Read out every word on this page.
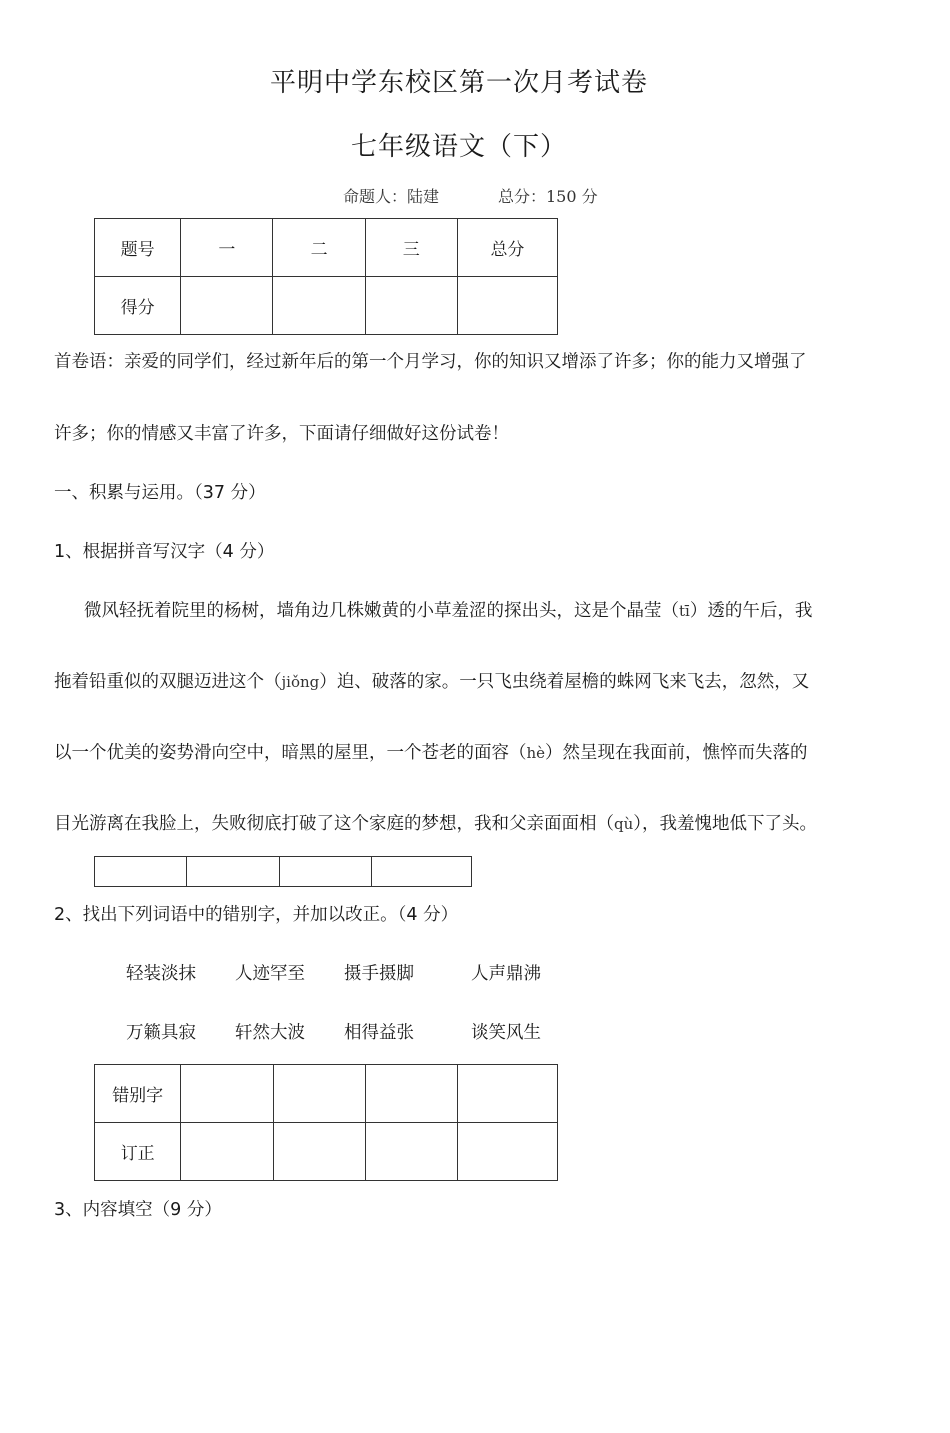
平明中学东校区第一次月考试卷
七年级语文（下）
命题人：陆建	总分：150 分
题号	一	二	三	总分
得分				
首卷语：亲爱的同学们，经过新年后的第一个月学习，你的知识又增添了许多；你的能力又增强了
许多；你的情感又丰富了许多，下面请仔细做好这份试卷！
一、积累与运用。（37 分）
1、根据拼音写汉字（4 分）
微风轻抚着院里的杨树，墙角边几株嫩黄的小草羞涩的探出头，这是个晶莹（tī）透的午后，我
拖着铅重似的双腿迈进这个（jiǒng）迫、破落的家。一只飞虫绕着屋檐的蛛网飞来飞去，忽然，又
以一个优美的姿势滑向空中，暗黑的屋里，一个苍老的面容（hè）然呈现在我面前，憔悴而失落的
目光游离在我脸上，失败彻底打破了这个家庭的梦想，我和父亲面面相（qù），我羞愧地低下了头。

2、找出下列词语中的错别字，并加以改正。（4 分）
轻装淡抹 人迹罕至 摄手摄脚	人声鼎沸
万籁具寂 轩然大波 相得益张	谈笑风生
错别字				
订正				
3、内容填空（9 分）
